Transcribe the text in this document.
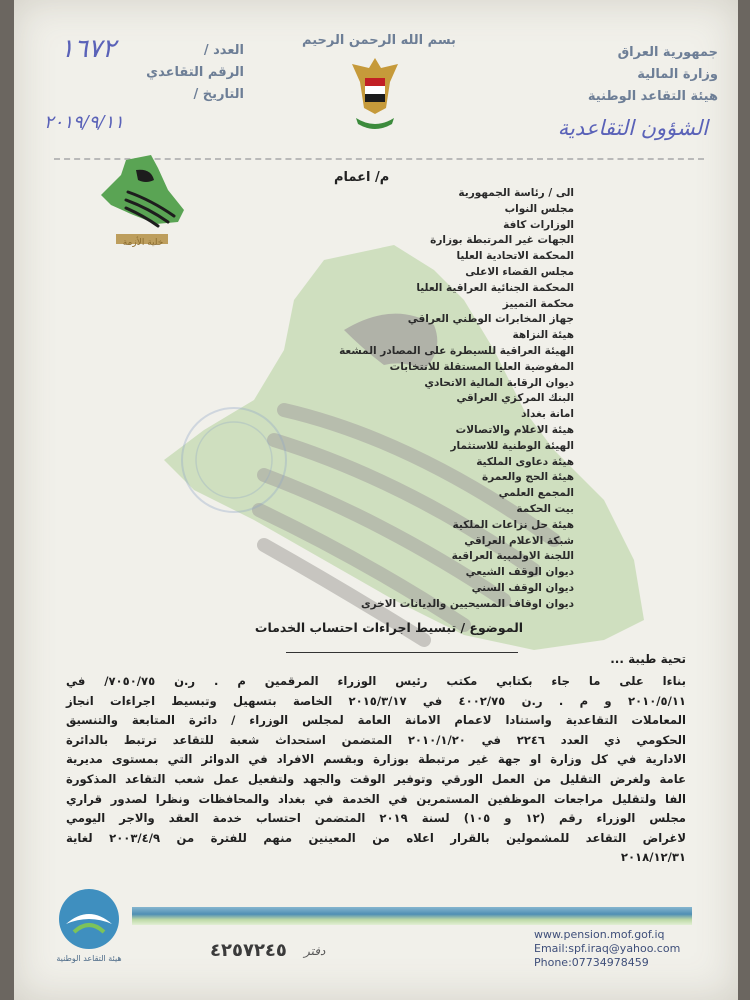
بسم الله الرحمن الرحيم
جمهورية العراق
وزارة المالية
هيئة التقاعد الوطنية
الشؤون التقاعدية
العدد /
الرقم التقاعدي
التاريخ /
١٦٧٢
٢٠١٩/٩/١١
خلية الأزمة
م/ اعمام
الى / رئاسة الجمهورية
مجلس النواب
الوزارات كافة
الجهات غير المرتبطة بوزارة
المحكمة الاتحادية العليا
مجلس القضاء الاعلى
المحكمة الجنائية العراقية العليا
محكمة التمييز
جهاز المخابرات الوطني العراقي
هيئة النزاهة
الهيئة العراقية للسيطرة على المصادر المشعة
المفوضية العليا المستقلة للانتخابات
ديوان الرقابة المالية الاتحادي
البنك المركزي العراقي
امانة بغداد
هيئة الاعلام والاتصالات
الهيئة الوطنية للاستثمار
هيئة دعاوى الملكية
هيئة الحج والعمرة
المجمع العلمي
بيت الحكمة
هيئة حل نزاعات الملكية
شبكة الاعلام العراقي
اللجنة الاولمبية العراقية
ديوان الوقف الشيعي
ديوان الوقف السني
ديوان اوقاف المسيحيين والديانات الاخرى
الموضوع / تبسيط اجراءات احتساب الخدمات
تحية طيبة ...

بناءا على ما جاء بكتابي مكتب رئيس الوزراء المرقمين م . ر.ن ٧٠٥٠/٧٥/ في

٢٠١٠/٥/١١ و م . ر.ن ٤٠٠٢/٧٥ في ٢٠١٥/٣/١٧ الخاصة بتسهيل وتبسيط اجراءات انجاز

المعاملات التقاعدية واستنادا لاعمام الامانة العامة لمجلس الوزراء / دائرة المتابعة والتنسيق

الحكومي ذي العدد ٢٢٤٦ في ٢٠١٠/١/٢٠ المتضمن استحداث شعبة للتقاعد ترتبط بالدائرة

الادارية في كل وزارة او جهة غير مرتبطة بوزارة وبقسم الافراد في الدوائر التي بمستوى مديرية

عامة ولغرض التقليل من العمل الورقي وتوفير الوقت والجهد ولتفعيل عمل شعب التقاعد المذكورة

الفا ولتقليل مراجعات الموظفين المستمرين في الخدمة في بغداد والمحافظات ونظرا لصدور قراري

مجلس الوزراء رقم (١٢ و ١٠٥) لسنة ٢٠١٩ المتضمن احتساب خدمة العقد والاجر اليومي

لاغراض التقاعد للمشمولين بالقرار اعلاه من المعينين منهم للفترة من ٢٠٠٣/٤/٩ لغاية

٢٠١٨/١٢/٣١

هيئة التقاعد الوطنية
دفتر
٤٢٥٧٢٤٥
www.pension.mof.gof.iq
Email:spf.iraq@yahoo.com
Phone:07734978459
